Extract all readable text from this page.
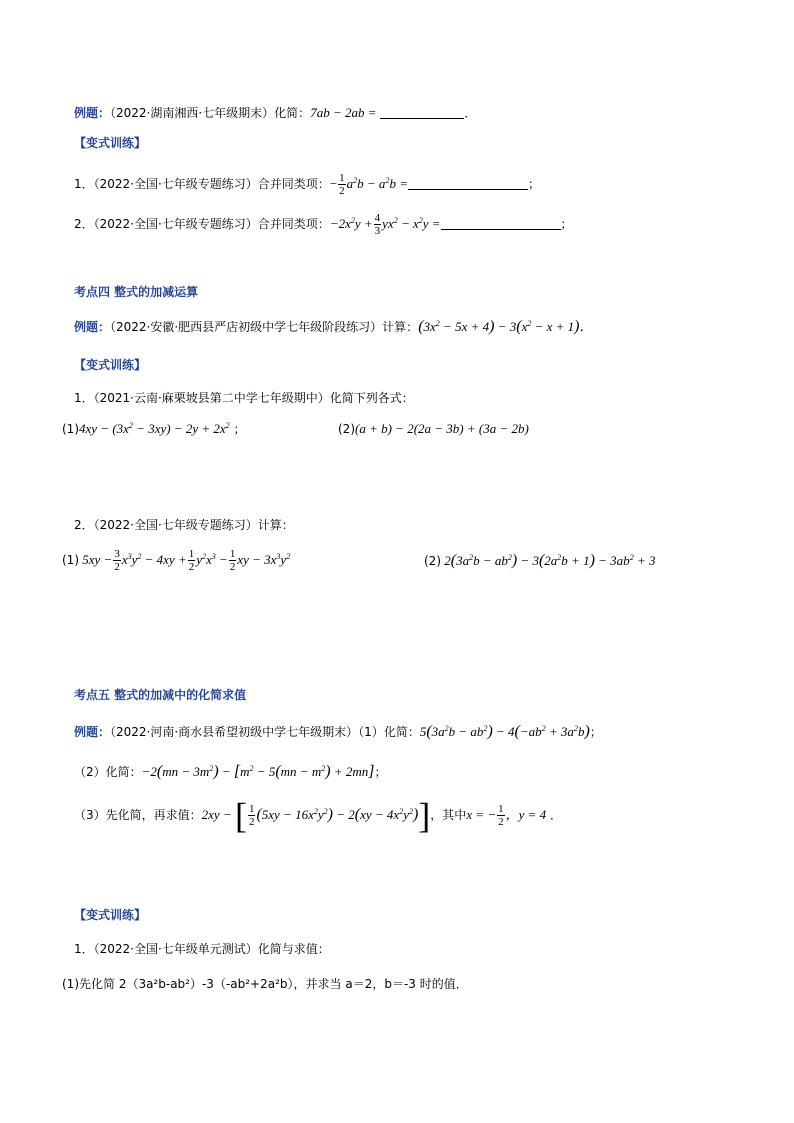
例题：（2022·湖南湘西·七年级期末）化简：7ab − 2ab =	．
【变式训练】
1．（2022·全国·七年级专题练习）合并同类项：− $\frac{1}{2} a^2b - a^2b$ =	；
2．（2022·全国·七年级专题练习）合并同类项：$-2x^2y + \frac{4}{3} yx^2 - x^2y$ =	；
考点四 整式的加减运算
例题：（2022·安徽·肥西县严店初级中学七年级阶段练习）计算：$(3x^2 - 5x + 4) - 3(x^2 - x + 1)$．
【变式训练】
1．（2021·云南·麻栗坡县第二中学七年级期中）化简下列各式：
$(1)4xy - (3x^2 - 3xy) - 2y + 2x^2$ ；	(2)(a + b) − 2(2a − 3b) + (3a − 2b)
2．（2022·全国·七年级专题练习）计算：
(1) $5xy - \frac{3}{2} x^3y^2 - 4xy + \frac{1}{2} y^2x^3 - \frac{1}{2}$ xy − $3x^3y^2$	(2) $2(3a^2b - ab^2) - 3(2a^2b + 1) - 3ab^2 + 3$
考点五 整式的加减中的化简求值
例题：（2022·河南·商水县希望初级中学七年级期末）（1）化简：$5(3a^2b - ab^2) - 4(-ab^2 + 3a^2b)$；
（2）化简：$-2(mn - 3m^2) - [m^2 - 5(mn - m^2) + 2mn]$；
（3）先化简，再求值：2xy − [ $\frac{1}{2} (5xy - 16x^2y^2) - 2(xy - 4x^2y^2)$]，其中x = − $\frac{1}{2}$ ，y = 4 ．
【变式训练】
1．（2022·全国·七年级单元测试）化简与求值：
(1)先化简 2（3a²b-ab²）-3（-ab²+2a²b），并求当 a＝2，b＝-3 时的值．
